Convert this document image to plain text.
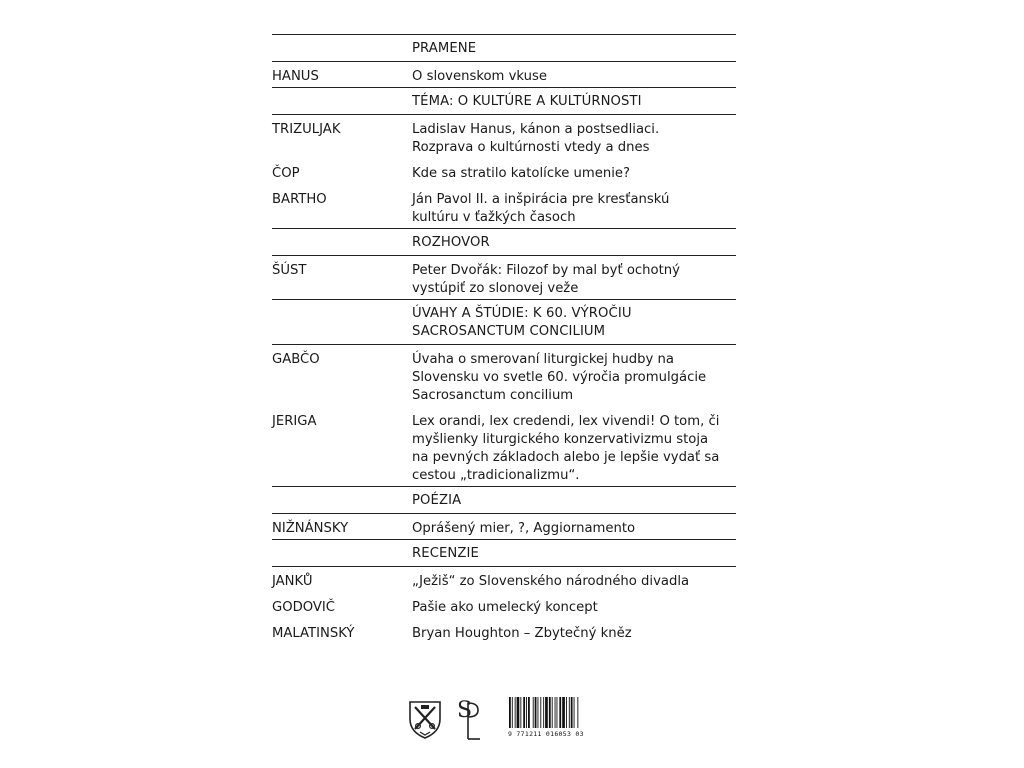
PRAMENE
HANUS	O slovenskom vkuse
TÉMA: O KULTÚRE A KULTÚRNOSTI
TRIZULJAK	Ladislav Hanus, kánon a postsedliaci.
Rozprava o kultúrnosti vtedy a dnes
ČOP	Kde sa stratilo katolícke umenie?
BARTHO	Ján Pavol II. a inšpirácia pre kresťanskú
kultúru v ťažkých časoch
ROZHOVOR
ŠÚST	Peter Dvořák: Filozof by mal byť ochotný
vystúpiť zo slonovej veže
ÚVAHY A ŠTÚDIE: K 60. VÝROČIU
SACROSANCTUM CONCILIUM
GABČO	Úvaha o smerovaní liturgickej hudby na
Slovensku vo svetle 60. výročia promulgácie
Sacrosanctum concilium
JERIGA	Lex orandi, lex credendi, lex vivendi! O tom, či
myšlienky liturgického konzervativizmu stoja
na pevných základoch alebo je lepšie vydať sa
cestou „tradicionalizmu“.
POÉZIA
NIŽNÁNSKY	Oprášený mier, ?, Aggiornamento
RECENZIE
JANKŮ	„Ježiš“ zo Slovenského národného divadla
GODOVIČ	Pašie ako umelecký koncept
MALATINSKÝ	Bryan Houghton – Zbytečný kněz
S
9 771211 016053 03
